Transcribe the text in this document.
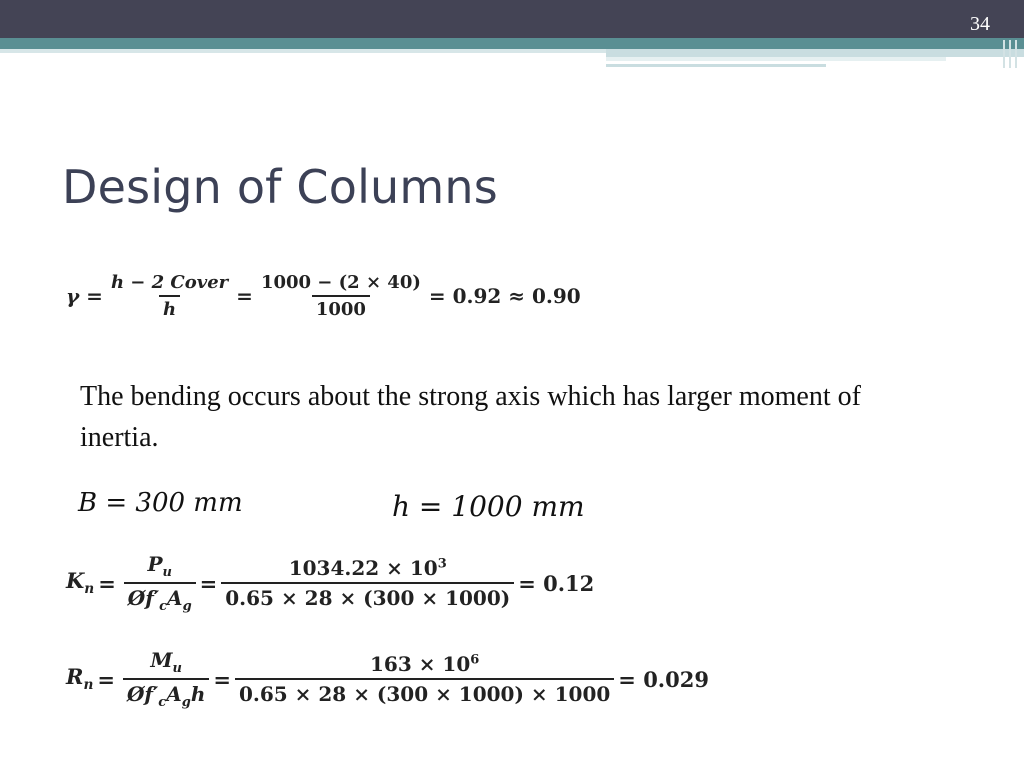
34
Design of Columns
$\gamma = \frac{\text{h − 2 Cover}}{h} = \frac{1000 - (2 \times 40)}{1000} = 0.92 \approx 0.90$
The bending occurs about the strong axis which has larger moment of inertia.
B = 300 mm	h = 1000 mm
$K_n = \frac{P_u}{Øf'_cA_g} = \frac{1034.22 \times 10^3}{0.65 \times 28 \times (300 \times 1000)} = 0.12$
$R_n = \frac{M_u}{Øf'_cA_gh} = \frac{163 \times 10^6}{0.65 \times 28 \times (300 \times 1000) \times 1000} = 0.029$
